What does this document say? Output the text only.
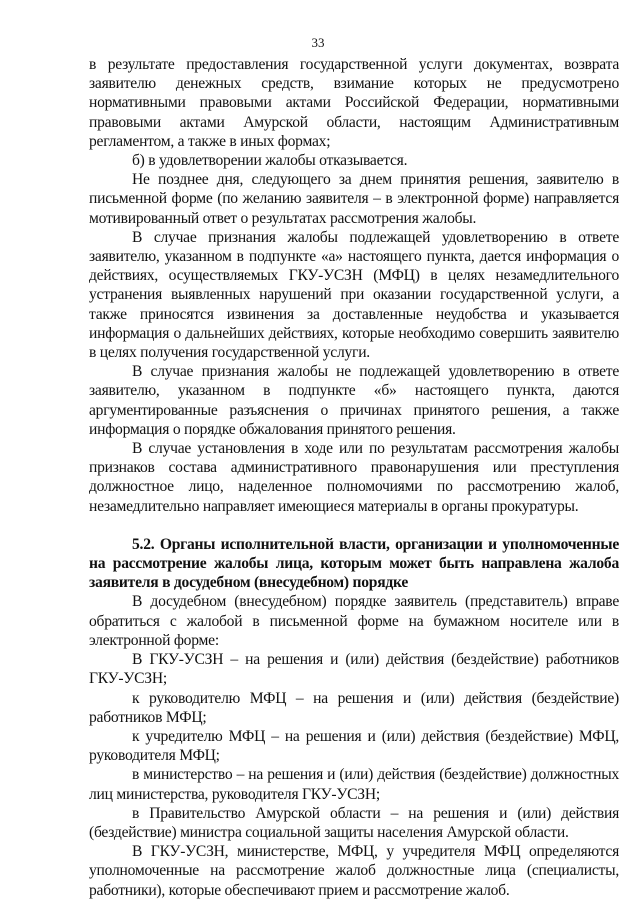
33

в результате предоставления государственной услуги документах, возврата заявителю денежных средств, взимание которых не предусмотрено нормативными правовыми актами Российской Федерации, нормативными правовыми актами Амурской области, настоящим Административным регламентом, а также в иных формах;

б) в удовлетворении жалобы отказывается.

Не позднее дня, следующего за днем принятия решения, заявителю в письменной форме (по желанию заявителя – в электронной форме) направляется мотивированный ответ о результатах рассмотрения жалобы.

В случае признания жалобы подлежащей удовлетворению в ответе заявителю, указанном в подпункте «а» настоящего пункта, дается информация о действиях, осуществляемых ГКУ-УСЗН (МФЦ) в целях незамедлительного устранения выявленных нарушений при оказании государственной услуги, а также приносятся извинения за доставленные неудобства и указывается информация о дальнейших действиях, которые необходимо совершить заявителю в целях получения государственной услуги.

В случае признания жалобы не подлежащей удовлетворению в ответе заявителю, указанном в подпункте «б» настоящего пункта, даются аргументированные разъяснения о причинах принятого решения, а также информация о порядке обжалования принятого решения.

В случае установления в ходе или по результатам рассмотрения жалобы признаков состава административного правонарушения или преступления должностное лицо, наделенное полномочиями по рассмотрению жалоб, незамедлительно направляет имеющиеся материалы в органы прокуратуры.

5.2. Органы исполнительной власти, организации и уполномоченные на рассмотрение жалобы лица, которым может быть направлена жалоба заявителя в досудебном (внесудебном) порядке

В досудебном (внесудебном) порядке заявитель (представитель) вправе обратиться с жалобой в письменной форме на бумажном носителе или в электронной форме:

В ГКУ-УСЗН – на решения и (или) действия (бездействие) работников ГКУ-УСЗН;

к руководителю МФЦ – на решения и (или) действия (бездействие) работников МФЦ;

к учредителю МФЦ – на решения и (или) действия (бездействие) МФЦ, руководителя МФЦ;

в министерство – на решения и (или) действия (бездействие) должностных лиц министерства, руководителя ГКУ-УСЗН;

в Правительство Амурской области – на решения и (или) действия (бездействие) министра социальной защиты населения Амурской области.

В ГКУ-УСЗН, министерстве, МФЦ, у учредителя МФЦ определяются уполномоченные на рассмотрение жалоб должностные лица (специалисты, работники), которые обеспечивают прием и рассмотрение жалоб.
